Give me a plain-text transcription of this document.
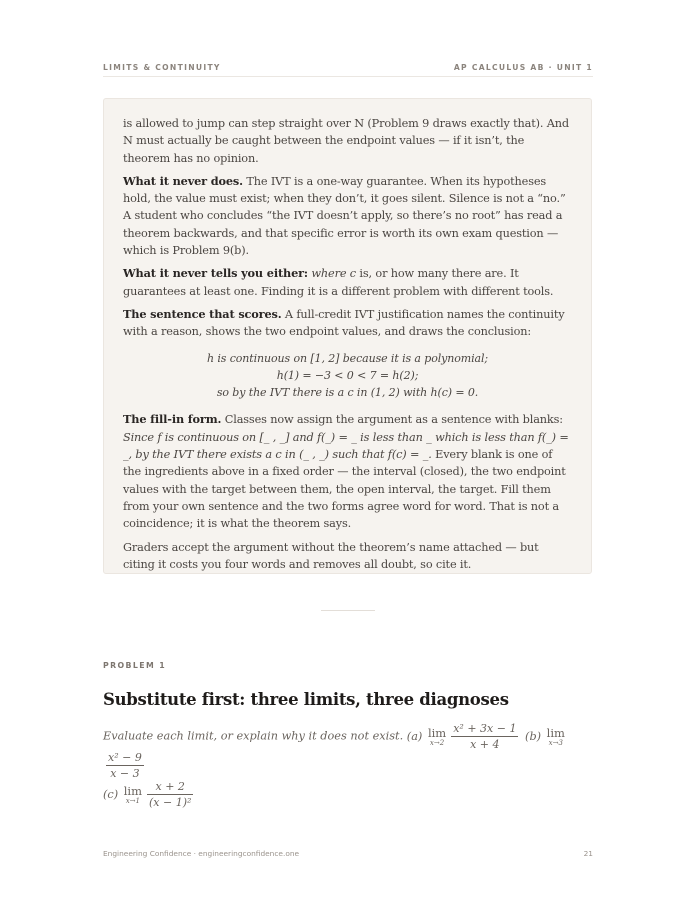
LIMITS & CONTINUITY	AP CALCULUS AB · UNIT 1

is allowed to jump can step straight over N (Problem 9 draws exactly that). And N must actually be caught between the endpoint values — if it isn’t, the theorem has no opinion.

What it never does. The IVT is a one-way guarantee. When its hypotheses hold, the value must exist; when they don’t, it goes silent. Silence is not a “no.” A student who concludes “the IVT doesn’t apply, so there’s no root” has read a theorem backwards, and that specific error is worth its own exam question — which is Problem 9(b).

What it never tells you either: where c is, or how many there are. It guarantees at least one. Finding it is a different problem with different tools.

The sentence that scores. A full-credit IVT justification names the continuity with a reason, shows the two endpoint values, and draws the conclusion:

h is continuous on [1, 2] because it is a polynomial;
h(1) = −3 < 0 < 7 = h(2);
so by the IVT there is a c in (1, 2) with h(c) = 0.

The fill-in form. Classes now assign the argument as a sentence with blanks: Since f is continuous on [_ , _] and f(_) = _ is less than _ which is less than f(_) = _, by the IVT there exists a c in (_ , _) such that f(c) = _. Every blank is one of the ingredients above in a fixed order — the interval (closed), the two endpoint values with the target between them, the open interval, the target. Fill them from your own sentence and the two forms agree word for word. That is not a coincidence; it is what the theorem says.

Graders accept the argument without the theorem’s name attached — but citing it costs you four words and removes all doubt, so cite it.

PROBLEM 1
Substitute first: three limits, three diagnoses
Evaluate each limit, or explain why it does not exist. (a) lim
$x\to 2 \frac{\text{x² + 3x − 1}}{x + 4} (b)$ lim
x→3
$\frac{\text{x² − 9}}{x - 3}$

(c) lim
$x\to 1 \frac{x + 2}{\text{(x − 1)²}}$
Engineering Confidence · engineeringconfidence.one	21
